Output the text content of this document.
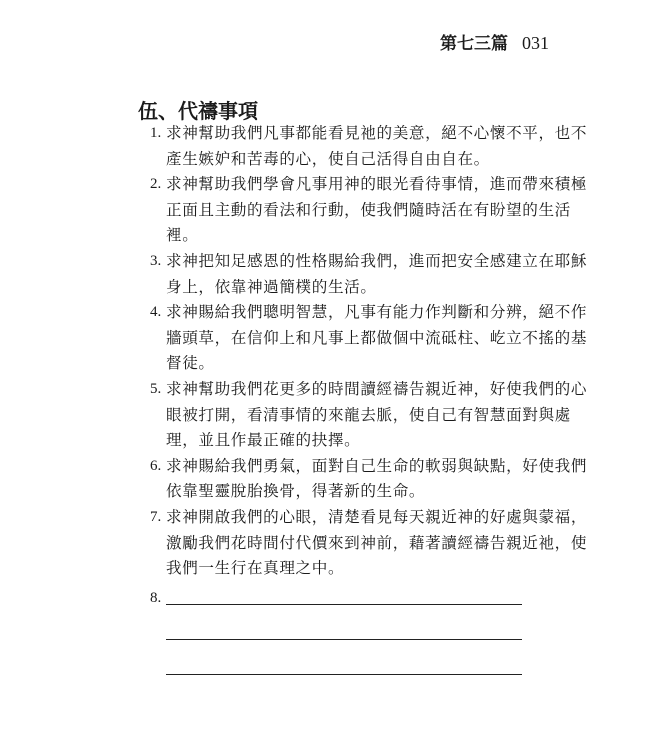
第七三篇 031
伍、代禱事項
1. 求神幫助我們凡事都能看見祂的美意，絕不心懷不平，也不
產生嫉妒和苦毒的心，使自己活得自由自在。
2. 求神幫助我們學會凡事用神的眼光看待事情，進而帶來積極
正面且主動的看法和行動，使我們隨時活在有盼望的生活
裡。
3. 求神把知足感恩的性格賜給我們，進而把安全感建立在耶穌
身上，依靠神過簡樸的生活。
4. 求神賜給我們聰明智慧，凡事有能力作判斷和分辨，絕不作
牆頭草，在信仰上和凡事上都做個中流砥柱、屹立不搖的基
督徒。
5. 求神幫助我們花更多的時間讀經禱告親近神，好使我們的心
眼被打開，看清事情的來龍去脈，使自己有智慧面對與處
理，並且作最正確的抉擇。
6. 求神賜給我們勇氣，面對自己生命的軟弱與缺點，好使我們
依靠聖靈脫胎換骨，得著新的生命。
7. 求神開啟我們的心眼，清楚看見每天親近神的好處與蒙福，
激勵我們花時間付代價來到神前，藉著讀經禱告親近祂，使
我們一生行在真理之中。
8.
